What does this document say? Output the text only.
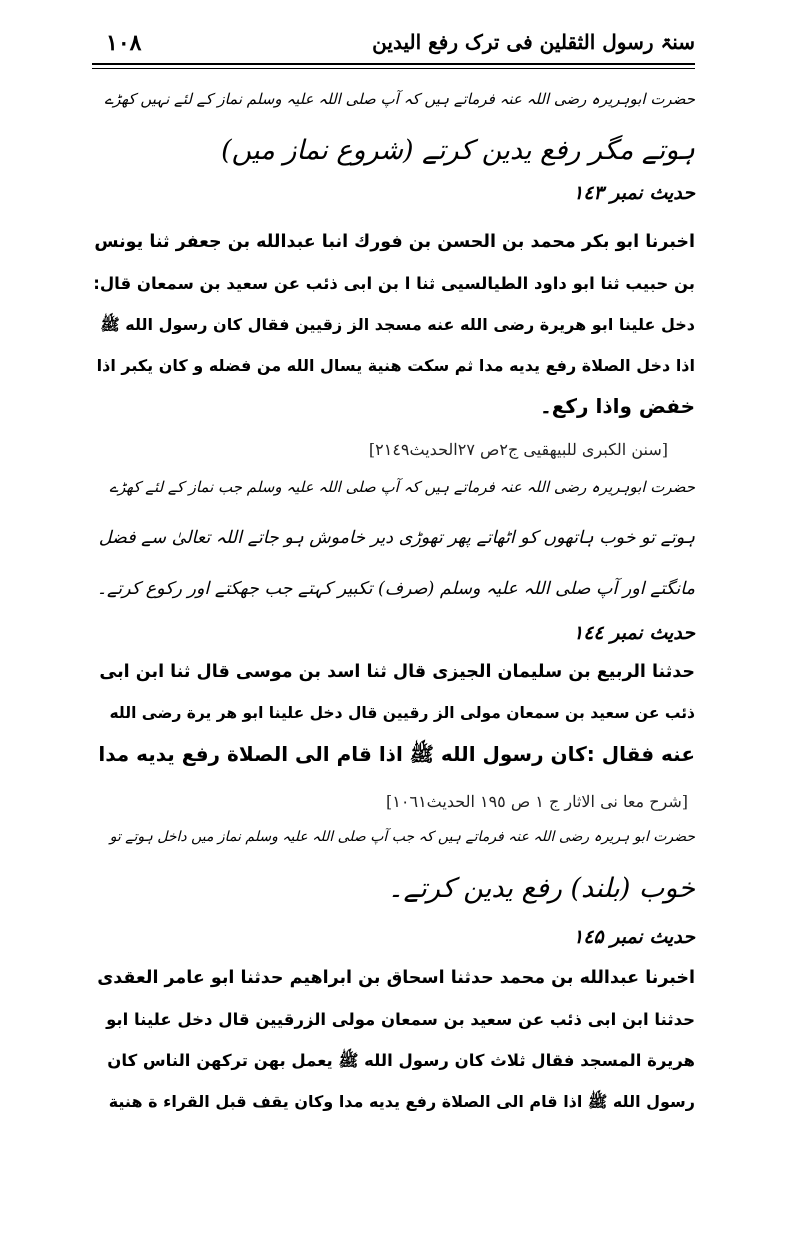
۱۰۸	سنۃ رسول الثقلین فی ترک رفع الیدین
حضرت ابوہریرہ رضی اللہ عنہ فرماتے ہیں کہ آپ صلی اللہ علیہ وسلم نماز کے لئے نہیں کھڑے
ہوتے مگر رفع یدین کرتے (شروع نماز میں)
حدیث نمبر ۱٤۳
اخبرنا ابو بكر محمد بن الحسن بن فورك انبا عبدالله بن جعفر ثنا يونس
بن حبيب ثنا ابو داود الطيالسيى ثنا ا بن ابى ذئب عن سعيد بن سمعان قال:
دخل علينا ابو هريرة رضى الله عنه مسجد الز زقيين فقال كان رسول الله ﷺ
اذا دخل الصلاة رفع يديه مدا ثم سكت هنية يسال الله من فضله و كان يكبر اذا
خفض واذا ركع۔
[سنن الكبرى للبيهقيى ج٢ص ٢٧الحديث٢١٤٩]
حضرت ابوہریرہ رضی اللہ عنہ فرماتے ہیں کہ آپ صلی اللہ علیہ وسلم جب نماز کے لئے کھڑے
ہوتے تو خوب ہاتھوں کو اٹھاتے پھر تھوڑی دیر خاموش ہو جاتے اللہ تعالیٰ سے فضل
مانگتے اور آپ صلی اللہ علیہ وسلم (صرف) تکبیر کہتے جب جھکتے اور رکوع کرتے۔
حدیث نمبر ۱٤٤
حدثنا الربيع بن سليمان الجيزى قال ثنا اسد بن موسى قال ثنا ابن ابى
ذئب عن سعيد بن سمعان مولى الز رقيين قال دخل علينا ابو هر يرة رضى الله
عنه فقال :كان رسول الله ﷺ اذا قام الى الصلاة رفع يديه مدا
[شرح معا نى الاثار ج ١ ص ١٩٥ الحديث١٠٦١]
حضرت ابو ہریرہ رضی اللہ عنہ فرماتے ہیں کہ جب آپ صلی اللہ علیہ وسلم نماز میں داخل ہوتے تو
خوب (بلند) رفع یدین کرتے۔
حدیث نمبر ۱٤۵
اخبرنا عبدالله بن محمد حدثنا اسحاق بن ابراهيم حدثنا ابو عامر العقدى
حدثنا ابن ابى ذئب عن سعيد بن سمعان مولى الزرقيين قال دخل علينا ابو
هريرة المسجد فقال ثلاث كان رسول الله ﷺ يعمل بهن تركهن الناس كان
رسول الله ﷺ اذا قام الى الصلاة رفع يديه مدا وكان يقف قبل القراء ة هنية
